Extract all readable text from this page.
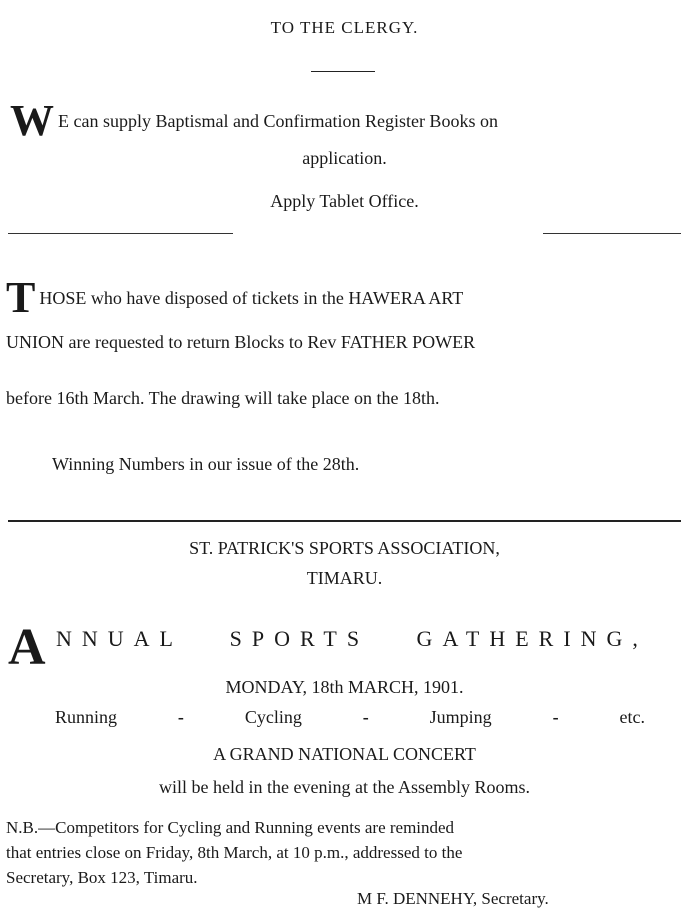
TO THE CLERGY.
W E can supply Baptismal and Confirmation Register Books on
application.
Apply Tablet Office.
THOSE who have disposed of tickets in the HAWERA ART
UNION are requested to return Blocks to Rev FATHER POWER
before 16th March. The drawing will take place on the 18th.
Winning Numbers in our issue of the 28th.
ST. PATRICK'S SPORTS ASSOCIATION,
TIMARU.
A NNUAL SPORTS GATHERING,
MONDAY, 18th MARCH, 1901.
Running	-	Cycling	-	Jumping	-	etc.
A GRAND NATIONAL CONCERT
will be held in the evening at the Assembly Rooms.
N.B.—Competitors for Cycling and Running events are reminded
that entries close on Friday, 8th March, at 10 p.m., addressed to the
Secretary, Box 123, Timaru.
M F. DENNEHY, Secretary.
